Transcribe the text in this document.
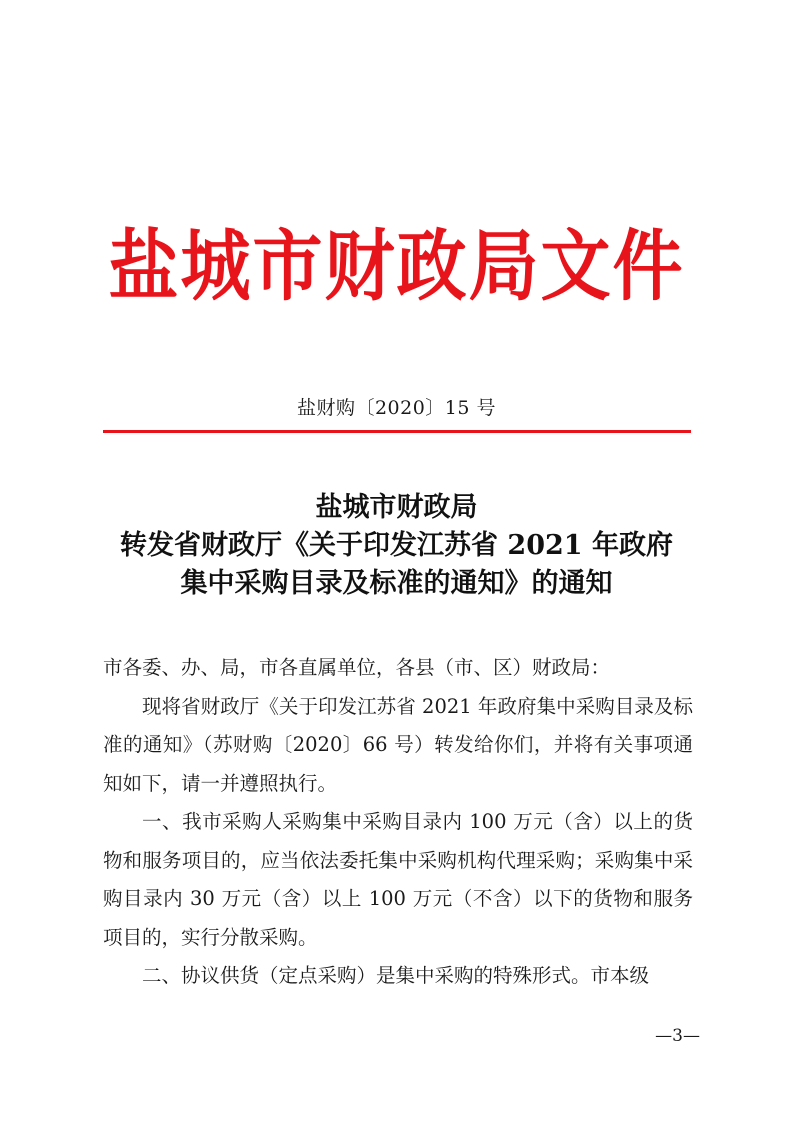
盐城市财政局文件
盐财购〔2020〕15 号
盐城市财政局
转发省财政厅《关于印发江苏省 2021 年政府
集中采购目录及标准的通知》的通知

市各委、办、局，市各直属单位，各县（市、区）财政局：

现将省财政厅《关于印发江苏省 2021 年政府集中采购目录及标准的通知》（苏财购〔2020〕66 号）转发给你们，并将有关事项通知如下，请一并遵照执行。

一、我市采购人采购集中采购目录内 100 万元（含）以上的货物和服务项目的，应当依法委托集中采购机构代理采购；采购集中采购目录内 30 万元（含）以上 100 万元（不含）以下的货物和服务项目的，实行分散采购。

二、协议供货（定点采购）是集中采购的特殊形式。市本级

—3—
